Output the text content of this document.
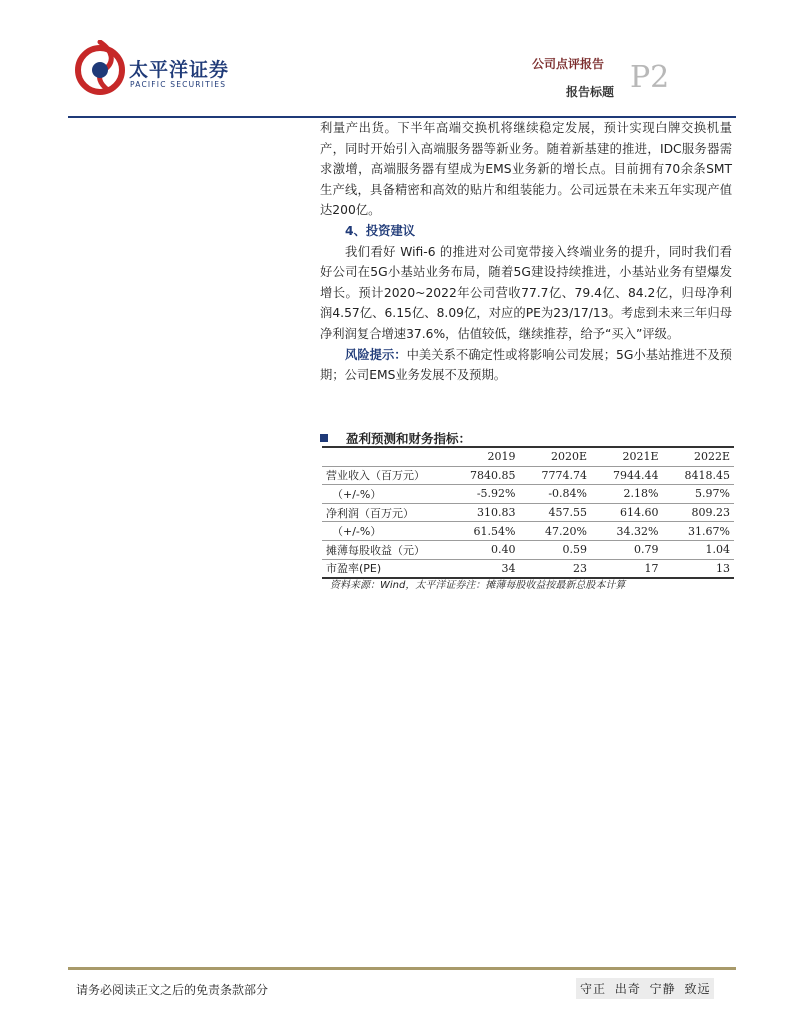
太平洋证券
PACIFIC SECURITIES
公司点评报告
报告标题 P2

利量产出货。下半年高端交换机将继续稳定发展，预计实现白牌交换机量产，同时开始引入高端服务器等新业务。随着新基建的推进，IDC服务器需求激增，高端服务器有望成为EMS业务新的增长点。目前拥有70余条SMT生产线，具备精密和高效的贴片和组装能力。公司远景在未来五年实现产值达200亿。

4、投资建议

我们看好 Wifi-6 的推进对公司宽带接入终端业务的提升，同时我们看好公司在5G小基站业务布局，随着5G建设持续推进，小基站业务有望爆发增长。预计2020~2022年公司营收77.7亿、79.4亿、84.2亿，归母净利润4.57亿、6.15亿、8.09亿，对应的PE为23/17/13。考虑到未来三年归母净利润复合增速37.6%，估值较低，继续推荐，给予“买入”评级。

风险提示：中美关系不确定性或将影响公司发展；5G小基站推进不及预期；公司EMS业务发展不及预期。

盈利预测和财务指标：
	2019	2020E	2021E	2022E
营业收入（百万元）	7840.85	7774.74	7944.44	8418.45
（+/-%）	-5.92%	-0.84%	2.18%	5.97%
净利润（百万元）	310.83	457.55	614.60	809.23
（+/-%）	61.54%	47.20%	34.32%	31.67%
摊薄每股收益（元）	0.40	0.59	0.79	1.04
市盈率(PE)	34	23	17	13
资料来源：Wind，太平洋证券注：摊薄每股收益按最新总股本计算
请务必阅读正文之后的免责条款部分	守正 出奇 宁静 致远
